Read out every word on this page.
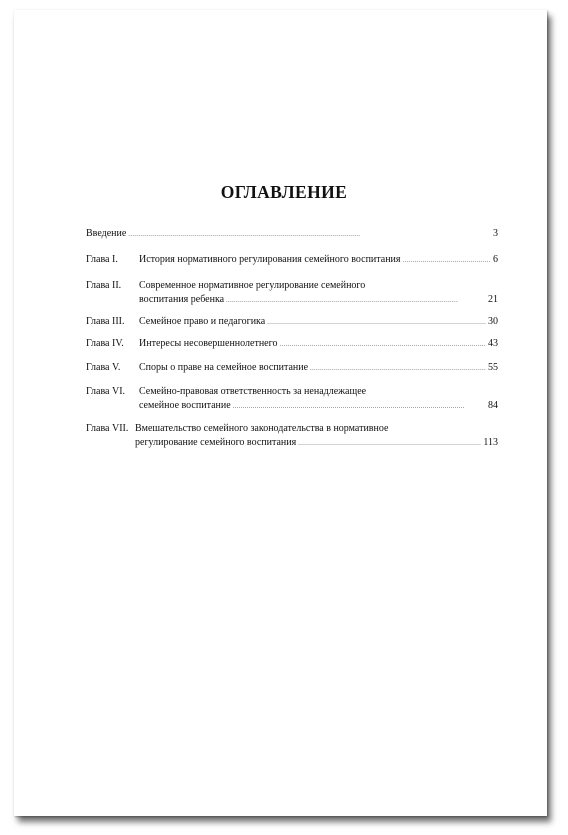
ОГЛАВЛЕНИЕ
Введение . . .	3
Глава I. История нормативного регулирования семейного воспитания . . .	6
Глава II. Современное нормативное регулирование семейного
воспитания ребенка . . .	21
Глава III. Семейное право и педагогика . . .	30
Глава IV. Интересы несовершеннолетнего . . .	43
Глава V. Споры о праве на семейное воспитание . . .	55
Глава VI. Семейно-правовая ответственность за ненадлежащее
семейное воспитание . . .	84
Глава VII. Вмешательство семейного законодательства в нормативное
регулирование семейного воспитания . . .	113
